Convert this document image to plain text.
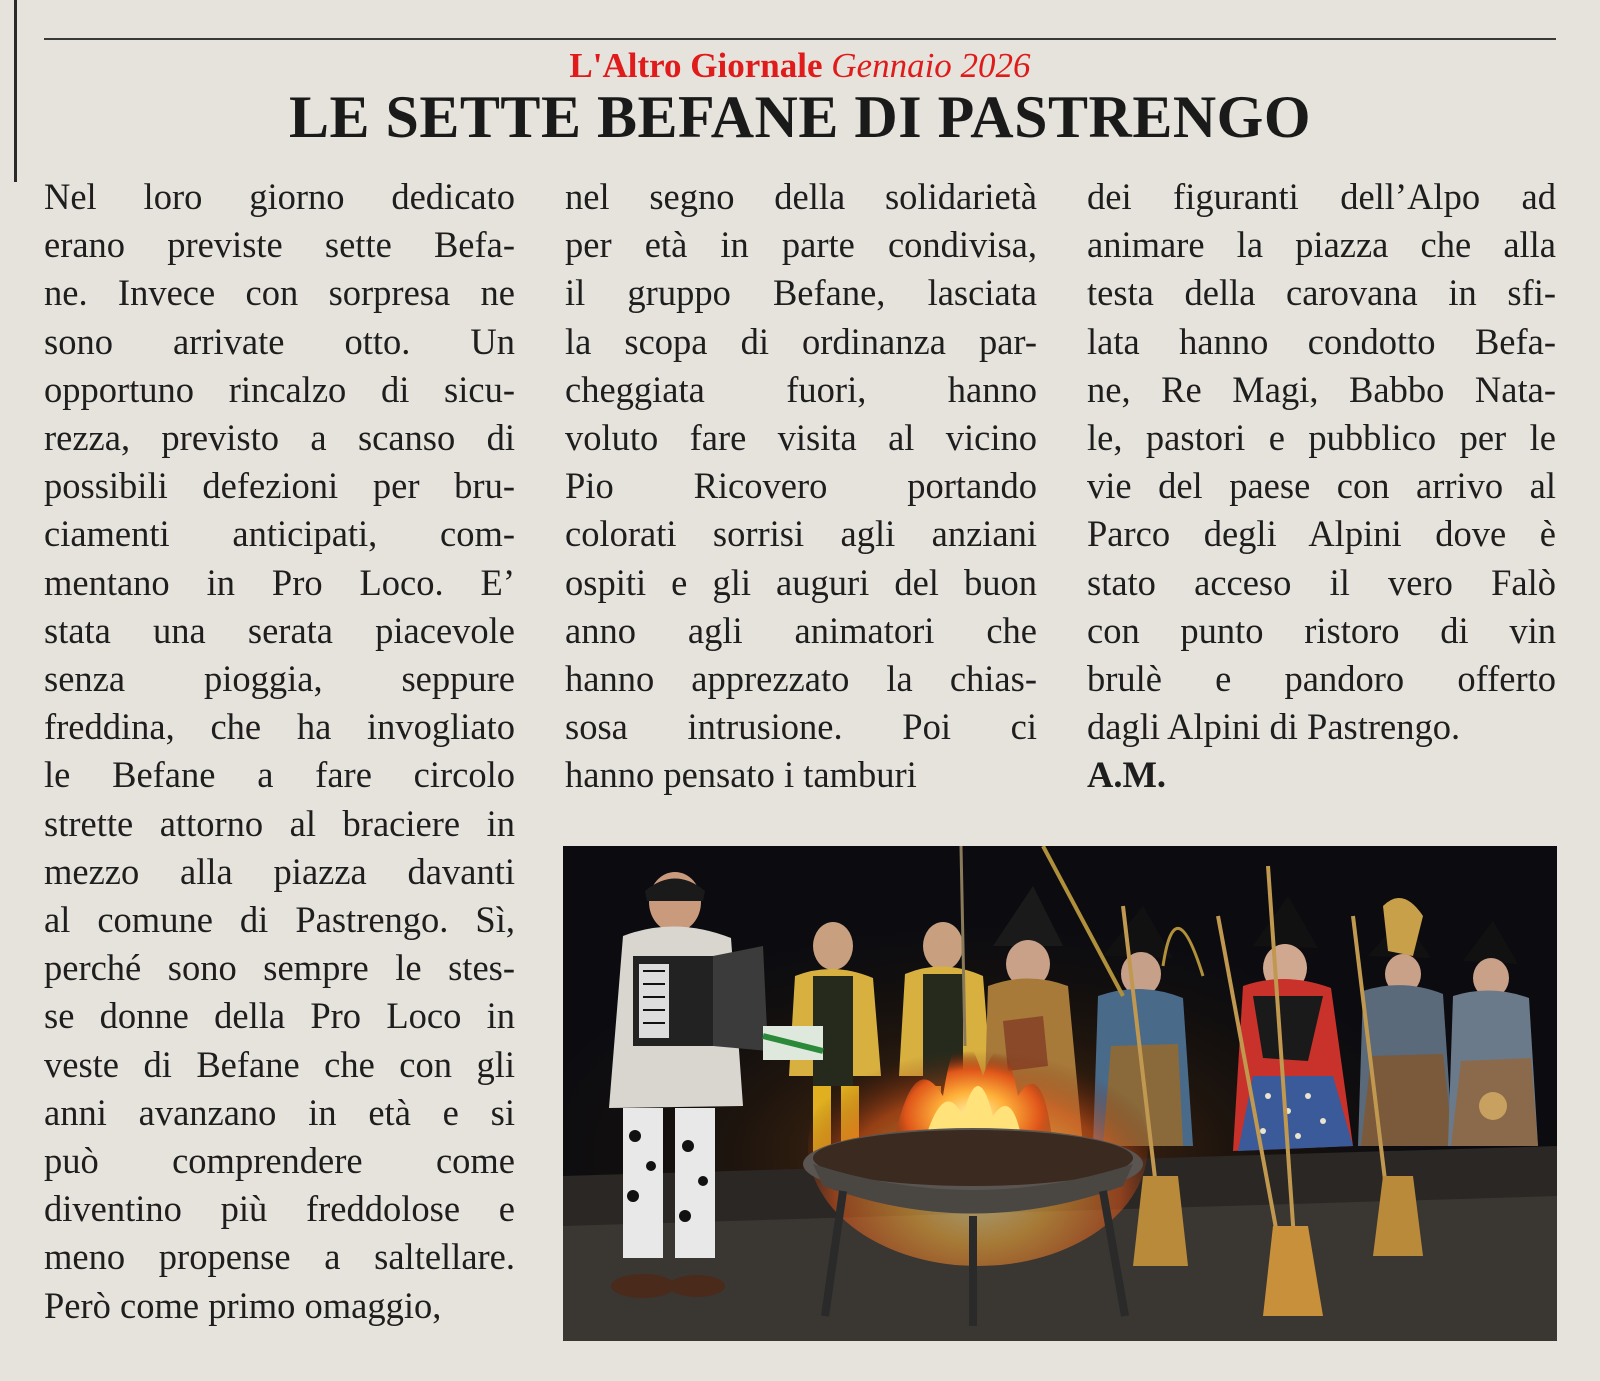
L'Altro Giornale Gennaio 2026
LE SETTE BEFANE DI PASTRENGO
Nel loro giorno dedicato
erano previste sette Befa-
ne. Invece con sorpresa ne
sono arrivate otto. Un
opportuno rincalzo di sicu-
rezza, previsto a scanso di
possibili defezioni per bru-
ciamenti anticipati, com-
mentano in Pro Loco. E’
stata una serata piacevole
senza pioggia, seppure
freddina, che ha invogliato
le Befane a fare circolo
strette attorno al braciere in
mezzo alla piazza davanti
al comune di Pastrengo. Sì,
perché sono sempre le stes-
se donne della Pro Loco in
veste di Befane che con gli
anni avanzano in età e si
può comprendere come
diventino più freddolose e
meno propense a saltellare.
Però come primo omaggio,
nel segno della solidarietà
per età in parte condivisa,
il gruppo Befane, lasciata
la scopa di ordinanza par-
cheggiata fuori, hanno
voluto fare visita al vicino
Pio Ricovero portando
colorati sorrisi agli anziani
ospiti e gli auguri del buon
anno agli animatori che
hanno apprezzato la chias-
sosa intrusione. Poi ci
hanno pensato i tamburi
dei figuranti dell’Alpo ad
animare la piazza che alla
testa della carovana in sfi-
lata hanno condotto Befa-
ne, Re Magi, Babbo Nata-
le, pastori e pubblico per le
vie del paese con arrivo al
Parco degli Alpini dove è
stato acceso il vero Falò
con punto ristoro di vin
brulè e pandoro offerto
dagli Alpini di Pastrengo.
A.M.
